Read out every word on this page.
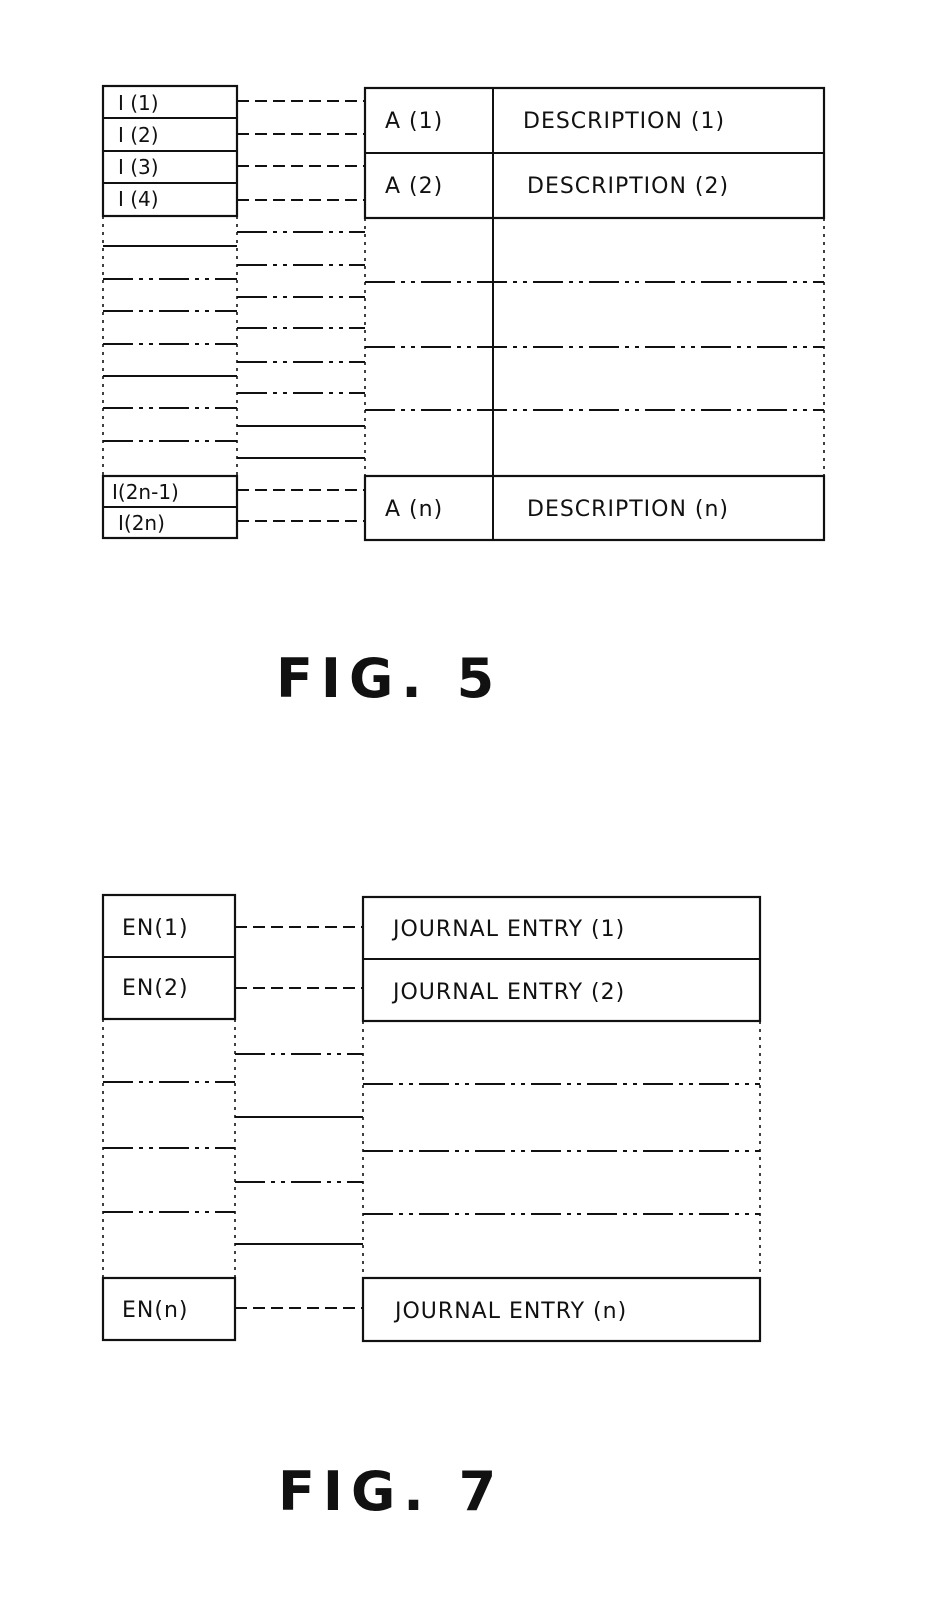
I (1)
I (2)
I (3)
I (4)
I(2n-1)
I(2n)
A (1)	DESCRIPTION (1)
A (2)	DESCRIPTION (2)
A (n)	DESCRIPTION (n)
FIG. 5
EN(1)
EN(2)
EN(n)
JOURNAL ENTRY (1)
JOURNAL ENTRY (2)
JOURNAL ENTRY (n)
FIG. 7
